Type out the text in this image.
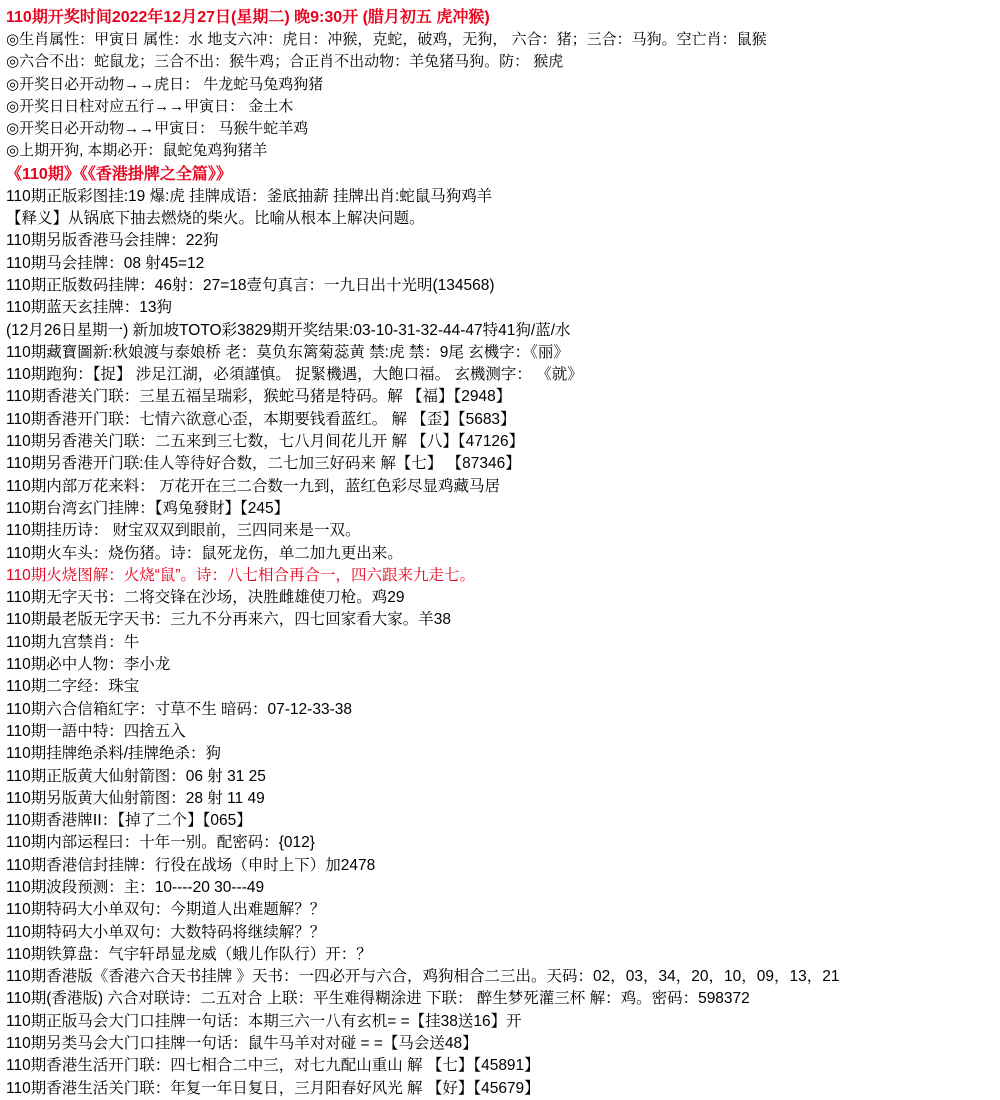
110期开奖时间2022年12月27日(星期二) 晚9:30开 (腊月初五 虎冲猴)
◎生肖属性：甲寅日 属性：水 地支六冲：虎日：冲猴，克蛇，破鸡，无狗， 六合：猪；三合：马狗。空亡肖：鼠猴
◎六合不出：蛇鼠龙；三合不出：猴牛鸡；合正肖不出动物：羊兔猪马狗。防： 猴虎
◎开奖日必开动物→→虎日： 牛龙蛇马兔鸡狗猪
◎开奖日日柱对应五行→→甲寅日： 金土木
◎开奖日必开动物→→甲寅日： 马猴牛蛇羊鸡
◎上期开狗, 本期必开：鼠蛇兔鸡狗猪羊
《110期》《《香港掛牌之全篇》》
110期正版彩图挂:19 爆:虎 挂牌成语：釜底抽薪 挂牌出肖:蛇鼠马狗鸡羊
【释义】从锅底下抽去燃烧的柴火。比喻从根本上解决问题。
110期另版香港马会挂牌：22狗
110期马会挂牌：08 射45=12
110期正版数码挂牌：46射：27=18壹句真言：一九日出十光明(134568)
110期蓝天玄挂牌：13狗
(12月26日星期一) 新加坡TOTO彩3829期开奖结果:03-10-31-32-44-47特41狗/蓝/水
110期藏寶圖新:秋娘渡与泰娘桥 老：莫负东篱菊蕊黄 禁:虎 禁：9尾 玄機字：《丽》
110期跑狗：【捉】 涉足江湖，必須謹慎。 捉緊機遇，大飽口福。 玄機测字： 《就》
110期香港关门联：三星五福呈瑞彩，猴蛇马猪是特码。解 【福】【2948】
110期香港开门联：七情六欲意心歪，本期要钱看蓝红。 解 【歪】【5683】
110期另香港关门联：二五来到三七数，七八月间花儿开 解 【八】【47126】
110期另香港开门联:佳人等待好合数，二七加三好码来 解【七】 【87346】
110期内部万花来料： 万花开在三二合数一九到，蓝红色彩尽显鸡藏马居
110期台湾玄门挂牌：【鸡兔發財】【245】
110期挂历诗： 财宝双双到眼前，三四同来是一双。
110期火车头：烧伤猪。诗：鼠死龙伤，单二加九更出来。
110期火烧图解：火烧“鼠”。诗：八七相合再合一，四六跟来九走七。
110期无字天书：二将交锋在沙场，决胜雌雄使刀枪。鸡29
110期最老版无字天书：三九不分再来六，四七回家看大家。羊38
110期九宫禁肖：牛
110期必中人物：李小龙
110期二字经：珠宝
110期六合信箱紅字：寸草不生 暗码：07-12-33-38
110期一語中特：四捨五入
110期挂牌绝杀料/挂牌绝杀：狗
110期正版黄大仙射箭图：06 射 31 25
110期另版黄大仙射箭图：28 射 11 49
110期香港牌ⅠⅠ：【掉了二个】【065】
110期内部运程曰：十年一别。配密码：{012}
110期香港信封挂牌：行役在战场（申时上下）加2478
110期波段预测：主：10----20 30---49
110期特码大小单双句：今期道人出难题解？？
110期特码大小单双句：大数特码将继续解？？
110期铁算盘：气宇轩昂显龙威（蛾儿作队行）开：？
110期香港版《香港六合天书挂牌 》天书：一四必开与六合，鸡狗相合二三出。天码：02，03，34，20，10，09，13，21
110期(香港版) 六合对联诗：二五对合 上联：平生难得糊涂进 下联： 醉生梦死灌三杯 解：鸡。密码：598372
110期正版马会大门口挂牌一句话：本期三六一八有玄机= =【挂38送16】开
110期另类马会大门口挂牌一句话：鼠牛马羊对对碰 = =【马会送48】
110期香港生活开门联：四七相合二中三，对七九配山重山 解 【七】【45891】
110期香港生活关门联：年复一年日复日，三月阳春好风光 解 【好】【45679】
